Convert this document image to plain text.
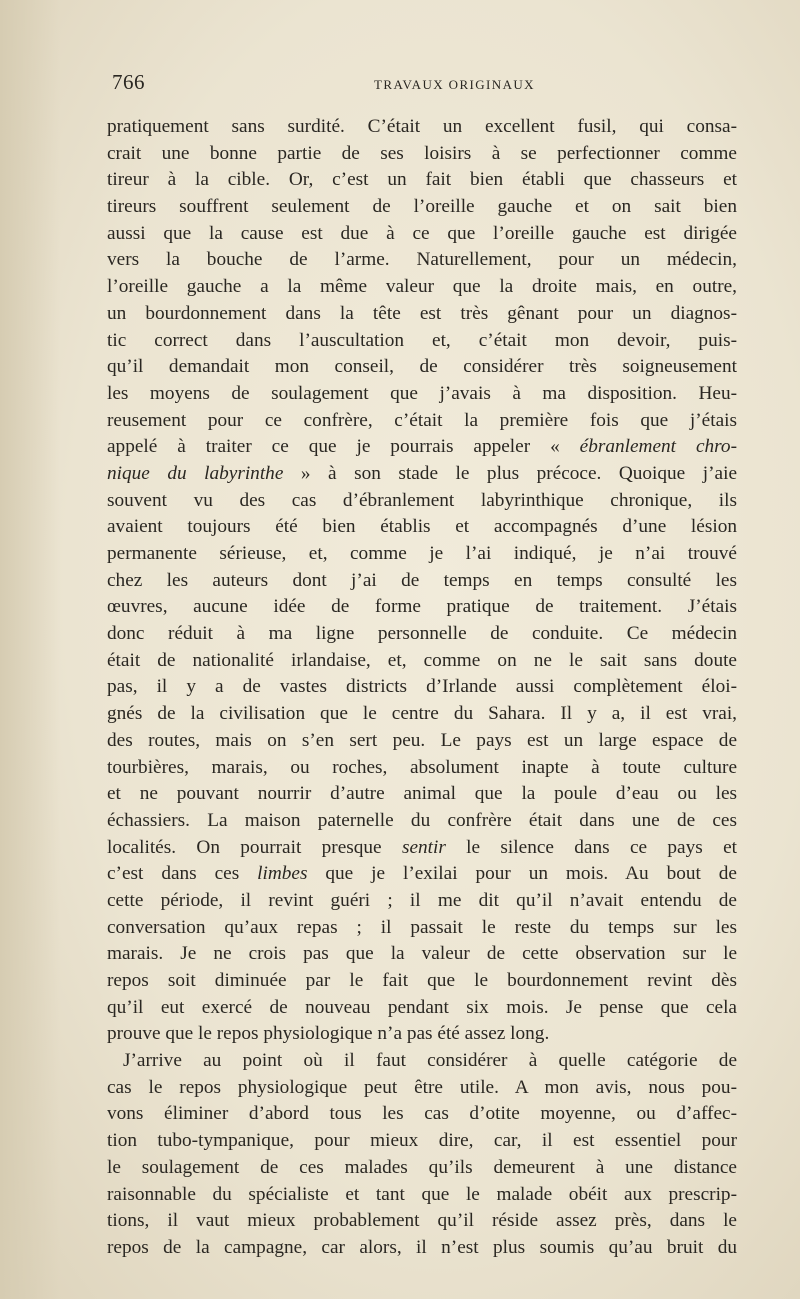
766	TRAVAUX ORIGINAUX
pratiquement sans surdité. C’était un excellent fusil, qui consa-
crait une bonne partie de ses loisirs à se perfectionner comme
tireur à la cible. Or, c’est un fait bien établi que chasseurs et
tireurs souffrent seulement de l’oreille gauche et on sait bien
aussi que la cause est due à ce que l’oreille gauche est dirigée
vers la bouche de l’arme. Naturellement, pour un médecin,
l’oreille gauche a la même valeur que la droite mais, en outre,
un bourdonnement dans la tête est très gênant pour un diagnos-
tic correct dans l’auscultation et, c’était mon devoir, puis-
qu’il demandait mon conseil, de considérer très soigneusement
les moyens de soulagement que j’avais à ma disposition. Heu-
reusement pour ce confrère, c’était la première fois que j’étais
appelé à traiter ce que je pourrais appeler « ébranlement chro-
nique du labyrinthe » à son stade le plus précoce. Quoique j’aie
souvent vu des cas d’ébranlement labyrinthique chronique, ils
avaient toujours été bien établis et accompagnés d’une lésion
permanente sérieuse, et, comme je l’ai indiqué, je n’ai trouvé
chez les auteurs dont j’ai de temps en temps consulté les
œuvres, aucune idée de forme pratique de traitement. J’étais
donc réduit à ma ligne personnelle de conduite. Ce médecin
était de nationalité irlandaise, et, comme on ne le sait sans doute
pas, il y a de vastes districts d’Irlande aussi complètement éloi-
gnés de la civilisation que le centre du Sahara. Il y a, il est vrai,
des routes, mais on s’en sert peu. Le pays est un large espace de
tourbières, marais, ou roches, absolument inapte à toute culture
et ne pouvant nourrir d’autre animal que la poule d’eau ou les
échassiers. La maison paternelle du confrère était dans une de ces
localités. On pourrait presque sentir le silence dans ce pays et
c’est dans ces limbes que je l’exilai pour un mois. Au bout de
cette période, il revint guéri ; il me dit qu’il n’avait entendu de
conversation qu’aux repas ; il passait le reste du temps sur les
marais. Je ne crois pas que la valeur de cette observation sur le
repos soit diminuée par le fait que le bourdonnement revint dès
qu’il eut exercé de nouveau pendant six mois. Je pense que cela
prouve que le repos physiologique n’a pas été assez long.
J’arrive au point où il faut considérer à quelle catégorie de
cas le repos physiologique peut être utile. A mon avis, nous pou-
vons éliminer d’abord tous les cas d’otite moyenne, ou d’affec-
tion tubo-tympanique, pour mieux dire, car, il est essentiel pour
le soulagement de ces malades qu’ils demeurent à une distance
raisonnable du spécialiste et tant que le malade obéit aux prescrip-
tions, il vaut mieux probablement qu’il réside assez près, dans le
repos de la campagne, car alors, il n’est plus soumis qu’au bruit du
